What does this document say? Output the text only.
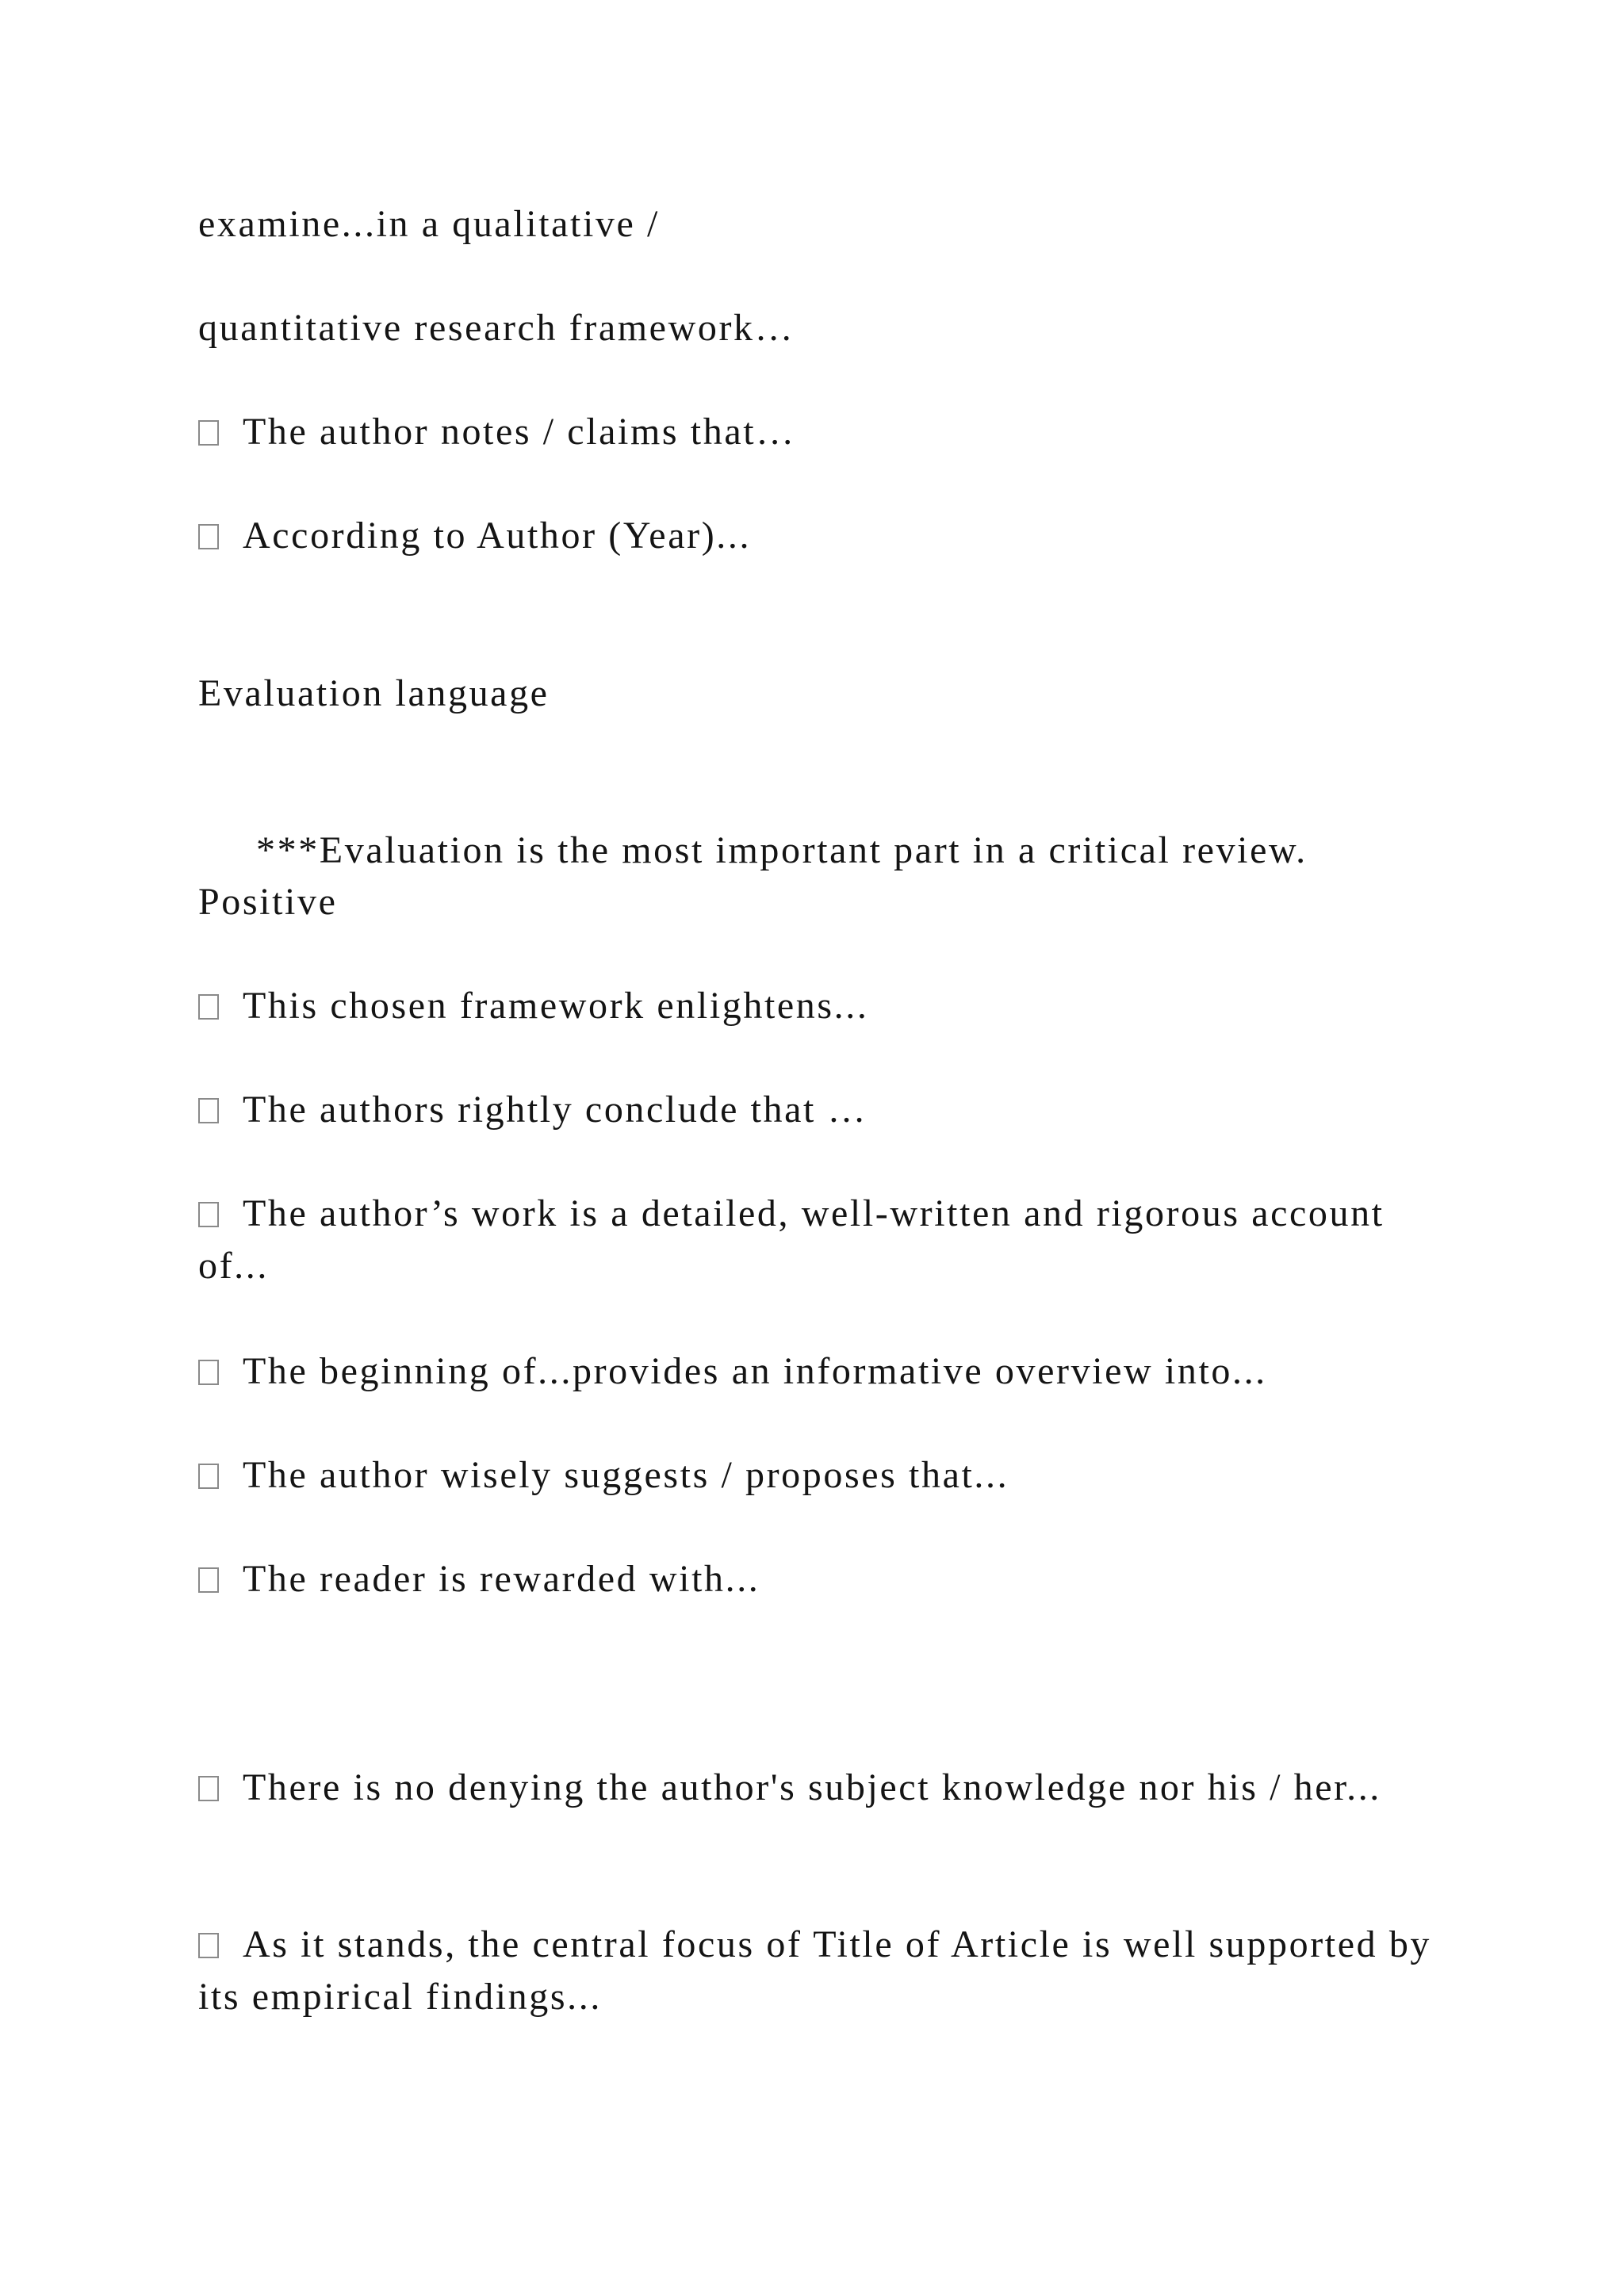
examine...in a qualitative /
quantitative research framework…
The author notes / claims that…
According to Author (Year)...
Evaluation language

***Evaluation is the most important part in a critical review.

Positive
This chosen framework enlightens...
The authors rightly conclude that …
The author’s work is a detailed, well-written and rigorous account of...
The beginning of...provides an informative overview into...
The author wisely suggests / proposes that...
The reader is rewarded with...
There is no denying the author's subject knowledge nor his / her...
As it stands, the central focus of Title of Article is well supported by its empirical findings...
